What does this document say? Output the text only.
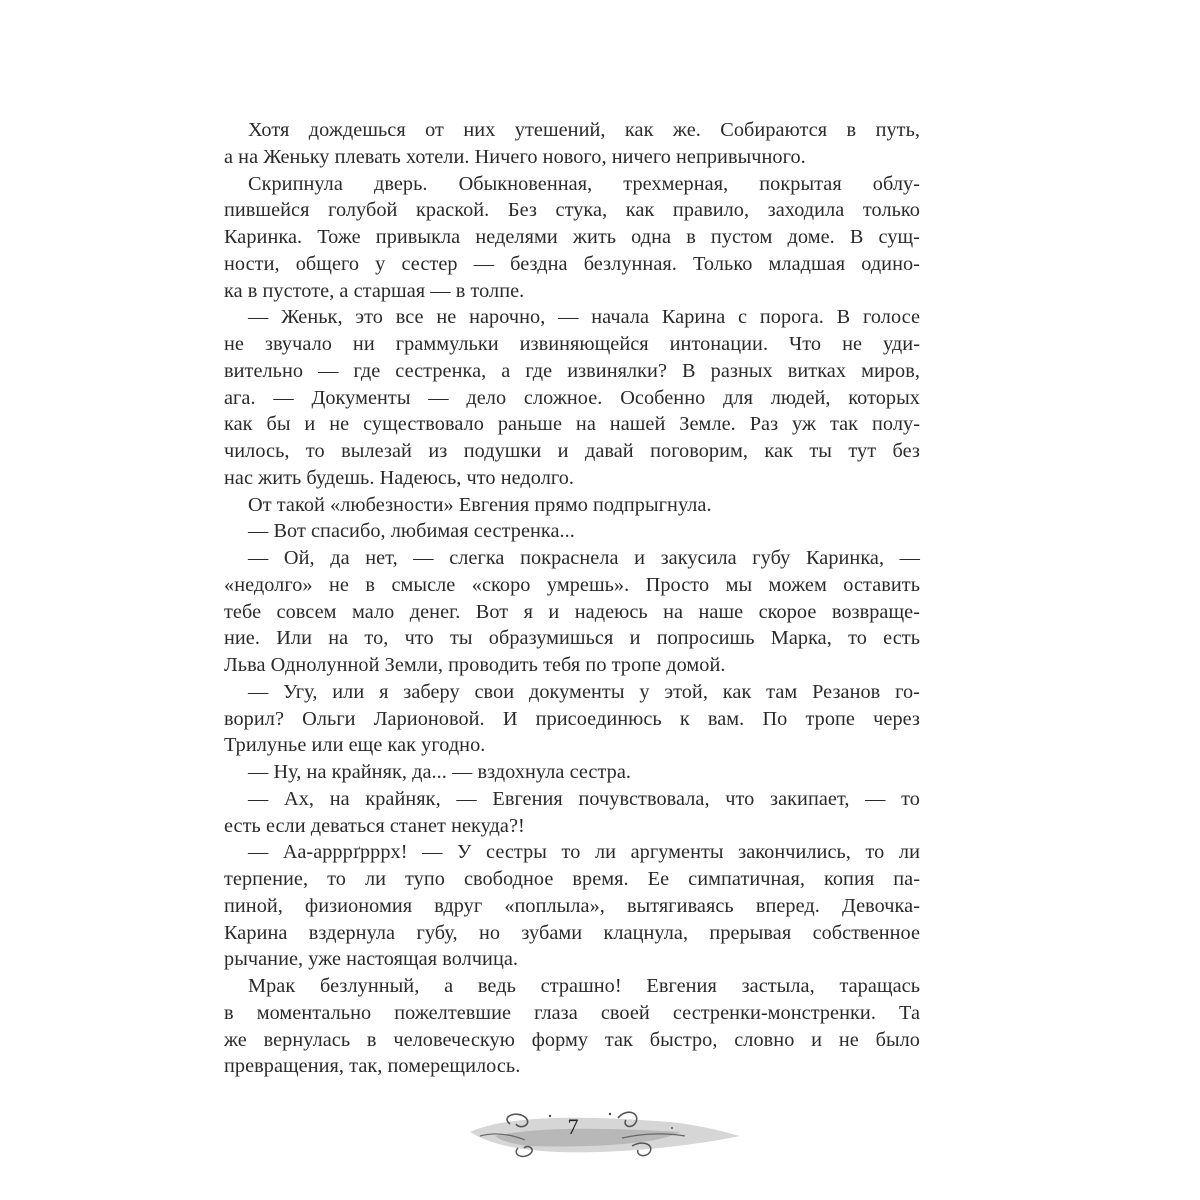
Хотя дождешься от них утешений, как же. Собираются в путь,
а на Женьку плевать хотели. Ничего нового, ничего непривычного.
Скрипнула дверь. Обыкновенная, трехмерная, покрытая облу-
пившейся голубой краской. Без стука, как правило, заходила только
Каринка. Тоже привыкла неделями жить одна в пустом доме. В сущ-
ности, общего у сестер — бездна безлунная. Только младшая одино-
ка в пустоте, а старшая — в толпе.
— Женьк, это все не нарочно, — начала Карина с порога. В голосе
не звучало ни граммульки извиняющейся интонации. Что не уди-
вительно — где сестренка, а где извинялки? В разных витках миров,
ага. — Документы — дело сложное. Особенно для людей, которых
как бы и не существовало раньше на нашей Земле. Раз уж так полу-
чилось, то вылезай из подушки и давай поговорим, как ты тут без
нас жить будешь. Надеюсь, что недолго.
От такой «любезности» Евгения прямо подпрыгнула.
— Вот спасибо, любимая сестренка...
— Ой, да нет, — слегка покраснела и закусила губу Каринка, —
«недолго» не в смысле «скоро умрешь». Просто мы можем оставить
тебе совсем мало денег. Вот я и надеюсь на наше скорое возвраще-
ние. Или на то, что ты образумишься и попросишь Марка, то есть
Льва Однолунной Земли, проводить тебя по тропе домой.
— Угу, или я заберу свои документы у этой, как там Резанов го-
ворил? Ольги Ларионовой. И присоединюсь к вам. По тропе через
Трилунье или еще как угодно.
— Ну, на крайняк, да... — вздохнула сестра.
— Ах, на крайняк, — Евгения почувствовала, что закипает, — то
есть если деваться станет некуда?!
— Аа-арррґрррх! — У сестры то ли аргументы закончились, то ли
терпение, то ли тупо свободное время. Ее симпатичная, копия па-
пиной, физиономия вдруг «поплыла», вытягиваясь вперед. Девочка-
Карина вздернула губу, но зубами клацнула, прерывая собственное
рычание, уже настоящая волчица.
Мрак безлунный, а ведь страшно! Евгения застыла, таращась
в моментально пожелтевшие глаза своей сестренки-монстренки. Та
же вернулась в человеческую форму так быстро, словно и не было
превращения, так, померещилось.
7
